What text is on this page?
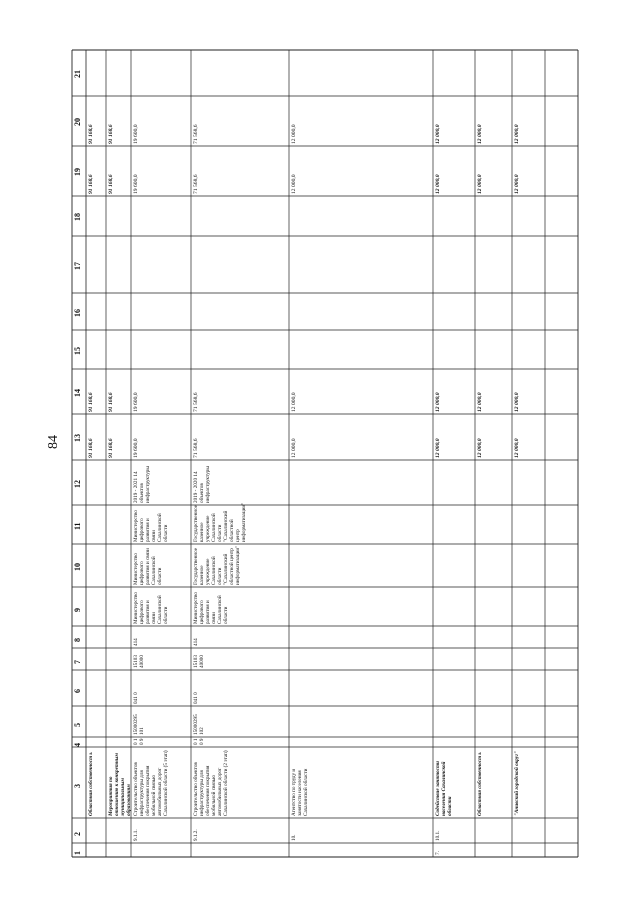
84
1
2
3
4
5
6
7
8
9
10
11
12
13
14
15
16
17
18
19
20
21
Областная собственност ь
91 168,6
91 168,6
91 168,6
91 168,6
Мероприятия по отношению к конкретным муниципальным образованиям
91 168,6
91 168,6
91 168,6
91 168,6
9.1.1.
Строительство объектов инфраструктуры для обеспечения покрытия мобильной связью автомобильных дорог Сахалинской области (5 этап)
0 1 0 9
15000295 101
041 0
15103 40000
414
Министерство цифрового развития и связи Сахалинской области
Министерство цифрового развития и связи Сахалинской области
Министерство цифрового развития и связи Сахалинской области
2019 - 2021 14 объектов инфраструктуры
19 600,0
19 600,0
19 600,0
19 600,0
9.1.2.
Строительство объектов инфраструктуры для обеспечения покрытия мобильной связью автомобильных дорог Сахалинской области (2 этап)
0 1 0 9
15000295 102
041 0
15103 40000
414
Министерство цифрового развития и связи Сахалинской области
Государственное казенное учреждение Сахалинской области "Сахалинский областной центр информатизации"
Государственное казенное учреждение Сахалинской области "Сахалинский областной центр информатизации"
2019 - 2020 14 объектов инфраструктуры
71 568,6
71 568,6
71 568,6
71 568,6
10.
Агентство по труду и занятости населения Сахалинской области
12 000,0
12 000,0
12 000,0
12 000,0
7.
10.1.
Содействие занятости населения Сахалинской области
12 000,0
12 000,0
12 000,0
12 000,0
Областная собственност ь
12 000,0
12 000,0
12 000,0
12 000,0
"Анивский городской округ"
12 000,0
12 000,0
12 000,0
12 000,0
